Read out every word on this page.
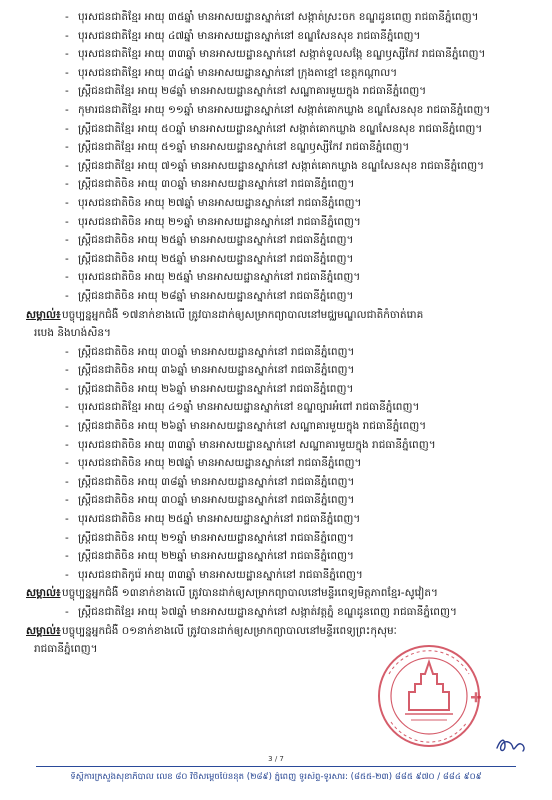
- បុរសជនជាតិខ្មែរ អាយុ ៣៥ឆ្នាំ មានអាសយដ្ឋានស្នាក់នៅ សង្កាត់ស្រះចក ខណ្ឌដូនពេញ រាជធានីភ្នំពេញ។
- បុរសជនជាតិខ្មែរ អាយុ ៤៧ឆ្នាំ មានអាសយដ្ឋានស្នាក់នៅ ខណ្ឌសែនសុខ រាជធានីភ្នំពេញ។
- បុរសជនជាតិខ្មែរ អាយុ ៣៣ឆ្នាំ មានអាសយដ្ឋានស្នាក់នៅ សង្កាត់ទួលសង្កែ ខណ្ឌឫស្សីកែវ រាជធានីភ្នំពេញ។
- បុរសជនជាតិខ្មែរ អាយុ ៣៤ឆ្នាំ មានអាសយដ្ឋានស្នាក់នៅ ក្រុងតាខ្មៅ ខេត្តកណ្តាល។
- ស្ត្រីជនជាតិខ្មែរ អាយុ ២៨ឆ្នាំ មានអាសយដ្ឋានស្នាក់នៅ សណ្ឋាគារមួយក្នុង រាជធានីភ្នំពេញ។
- កុមារជនជាតិខ្មែរ អាយុ ១១ឆ្នាំ មានអាសយដ្ឋានស្នាក់នៅ សង្កាត់គោកឃ្លាង ខណ្ឌសែនសុខ រាជធានីភ្នំពេញ។
- ស្ត្រីជនជាតិខ្មែរ អាយុ ៥០ឆ្នាំ មានអាសយដ្ឋានស្នាក់នៅ សង្កាត់គោកឃ្លាង ខណ្ឌសែនសុខ រាជធានីភ្នំពេញ។
- ស្ត្រីជនជាតិខ្មែរ អាយុ ៥១ឆ្នាំ មានអាសយដ្ឋានស្នាក់នៅ ខណ្ឌឫស្សីកែវ រាជធានីភ្នំពេញ។
- ស្ត្រីជនជាតិខ្មែរ អាយុ ៧១ឆ្នាំ មានអាសយដ្ឋានស្នាក់នៅ សង្កាត់គោកឃ្លាង ខណ្ឌសែនសុខ រាជធានីភ្នំពេញ។
- ស្ត្រីជនជាតិចិន អាយុ ៣០ឆ្នាំ មានអាសយដ្ឋានស្នាក់នៅ រាជធានីភ្នំពេញ។
- បុរសជនជាតិចិន អាយុ ២៧ឆ្នាំ មានអាសយដ្ឋានស្នាក់នៅ រាជធានីភ្នំពេញ។
- បុរសជនជាតិចិន អាយុ ២១ឆ្នាំ មានអាសយដ្ឋានស្នាក់នៅ រាជធានីភ្នំពេញ។
- ស្ត្រីជនជាតិចិន អាយុ ២៥ឆ្នាំ មានអាសយដ្ឋានស្នាក់នៅ រាជធានីភ្នំពេញ។
- ស្ត្រីជនជាតិចិន អាយុ ២៥ឆ្នាំ មានអាសយដ្ឋានស្នាក់នៅ រាជធានីភ្នំពេញ។
- បុរសជនជាតិចិន អាយុ ២៥ឆ្នាំ មានអាសយដ្ឋានស្នាក់នៅ រាជធានីភ្នំពេញ។
- ស្ត្រីជនជាតិចិន អាយុ ២៨ឆ្នាំ មានអាសយដ្ឋានស្នាក់នៅ រាជធានីភ្នំពេញ។
សម្គាល់៖ បច្ចុប្បន្នអ្នកជំងឺ ១៧នាក់ខាងលើ ត្រូវបានដាក់ឲ្យសម្រាកព្យាបាលនៅមជ្ឈមណ្ឌលជាតិកំចាត់រោគ
របេង និងហង់សិន។
- ស្ត្រីជនជាតិចិន អាយុ ៣០ឆ្នាំ មានអាសយដ្ឋានស្នាក់នៅ រាជធានីភ្នំពេញ។
- ស្ត្រីជនជាតិចិន អាយុ ៣៦ឆ្នាំ មានអាសយដ្ឋានស្នាក់នៅ រាជធានីភ្នំពេញ។
- ស្ត្រីជនជាតិចិន អាយុ ២៦ឆ្នាំ មានអាសយដ្ឋានស្នាក់នៅ រាជធានីភ្នំពេញ។
- បុរសជនជាតិខ្មែរ អាយុ ៤១ឆ្នាំ មានអាសយដ្ឋានស្នាក់នៅ ខណ្ឌច្បារអំពៅ រាជធានីភ្នំពេញ។
- ស្ត្រីជនជាតិចិន អាយុ ២៦ឆ្នាំ មានអាសយដ្ឋានស្នាក់នៅ សណ្ឋាគារមួយក្នុង រាជធានីភ្នំពេញ។
- បុរសជនជាតិចិន អាយុ ៣៣ឆ្នាំ មានអាសយដ្ឋានស្នាក់នៅ សណ្ឋាគារមួយក្នុង រាជធានីភ្នំពេញ។
- បុរសជនជាតិចិន អាយុ ២៧ឆ្នាំ មានអាសយដ្ឋានស្នាក់នៅ រាជធានីភ្នំពេញ។
- ស្ត្រីជនជាតិចិន អាយុ ៣៨ឆ្នាំ មានអាសយដ្ឋានស្នាក់នៅ រាជធានីភ្នំពេញ។
- ស្ត្រីជនជាតិចិន អាយុ ៣០ឆ្នាំ មានអាសយដ្ឋានស្នាក់នៅ រាជធានីភ្នំពេញ។
- បុរសជនជាតិចិន អាយុ ២៥ឆ្នាំ មានអាសយដ្ឋានស្នាក់នៅ រាជធានីភ្នំពេញ។
- ស្ត្រីជនជាតិចិន អាយុ ២១ឆ្នាំ មានអាសយដ្ឋានស្នាក់នៅ រាជធានីភ្នំពេញ។
- ស្ត្រីជនជាតិចិន អាយុ ២២ឆ្នាំ មានអាសយដ្ឋានស្នាក់នៅ រាជធានីភ្នំពេញ។
- បុរសជនជាតិកូរ៉េ អាយុ ៣៣ឆ្នាំ មានអាសយដ្ឋានស្នាក់នៅ រាជធានីភ្នំពេញ។
សម្គាល់៖ បច្ចុប្បន្នអ្នកជំងឺ ១៣នាក់ខាងលើ ត្រូវបានដាក់ឲ្យសម្រាកព្យាបាលនៅមន្ទីរពេទ្យមិត្តភាពខ្មែរ-សូវៀត។
- ស្ត្រីជនជាតិខ្មែរ អាយុ ៦៧ឆ្នាំ មានអាសយដ្ឋានស្នាក់នៅ សង្កាត់វត្តភ្នំ ខណ្ឌដូនពេញ រាជធានីភ្នំពេញ។
សម្គាល់៖ បច្ចុប្បន្នអ្នកជំងឺ ០១នាក់ខាងលើ ត្រូវបានដាក់ឲ្យសម្រាកព្យាបាលនៅមន្ទីរពេទ្យព្រះកុសុមៈ
រាជធានីភ្នំពេញ។
3 / 7
ទីស្តីការក្រសួងសុខាភិបាល លេខ ៨០ វិថីសម្តេចប៉ែននុត (២៨៩) ភ្នំពេញ ទូរស័ព្ទ-ទូរសារ: (៨៥៥-២៣) ៨៨៥ ៩៧០ / ៨៨៤ ៩០៩
